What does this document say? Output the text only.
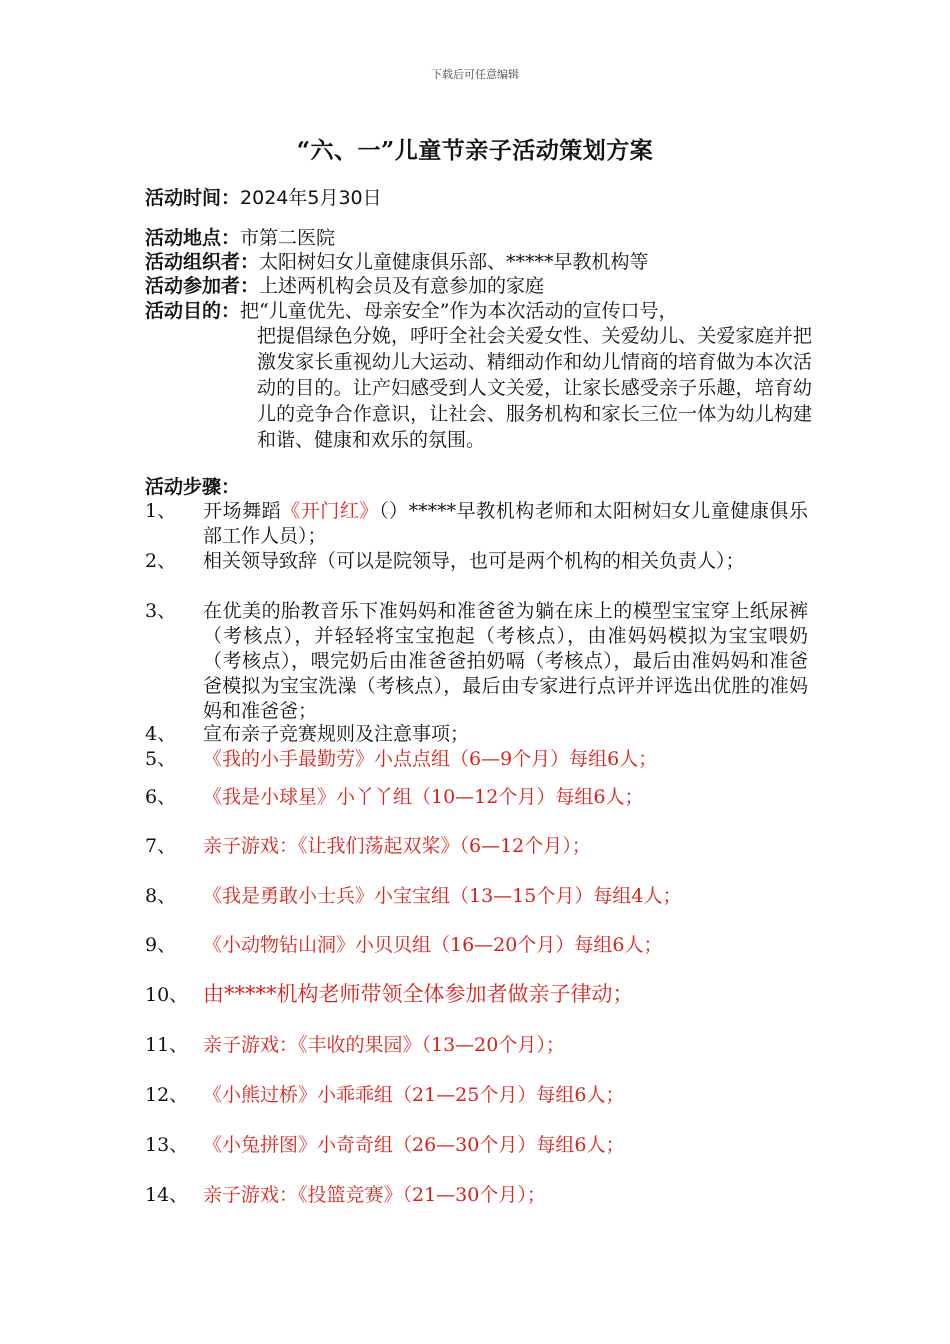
下载后可任意编辑
“六、一”儿童节亲子活动策划方案
活动时间：2024年5月30日
活动地点：市第二医院
活动组织者：太阳树妇女儿童健康俱乐部、*****早教机构等
活动参加者：上述两机构会员及有意参加的家庭
活动目的：把“儿童优先、母亲安全”作为本次活动的宣传口号，
把提倡绿色分娩，呼吁全社会关爱女性、关爱幼儿、关爱家庭并把激发家长重视幼儿大运动、精细动作和幼儿情商的培育做为本次活动的目的。让产妇感受到人文关爱，让家长感受亲子乐趣，培育幼儿的竞争合作意识，让社会、服务机构和家长三位一体为幼儿构建和谐、健康和欢乐的氛围。
活动步骤：
1、 开场舞蹈《开门红》（）*****早教机构老师和太阳树妇女儿童健康俱乐部工作人员）；
2、 相关领导致辞（可以是院领导，也可是两个机构的相关负责人）；
3、 在优美的胎教音乐下准妈妈和准爸爸为躺在床上的模型宝宝穿上纸尿裤（考核点），并轻轻将宝宝抱起（考核点），由准妈妈模拟为宝宝喂奶（考核点），喂完奶后由准爸爸拍奶嗝（考核点），最后由准妈妈和准爸爸模拟为宝宝洗澡（考核点），最后由专家进行点评并评选出优胜的准妈妈和准爸爸；
4、 宣布亲子竞赛规则及注意事项；
5、 《我的小手最勤劳》小点点组（6—9个月）每组6人；
6、 《我是小球星》小丫丫组（10—12个月）每组6人；
7、 亲子游戏：《让我们荡起双桨》（6—12个月）；
8、 《我是勇敢小士兵》小宝宝组（13—15个月）每组4人；
9、 《小动物钻山洞》小贝贝组（16—20个月）每组6人；
10、 由*****机构老师带领全体参加者做亲子律动；
11、 亲子游戏：《丰收的果园》（13—20个月）；
12、 《小熊过桥》小乖乖组（21—25个月）每组6人；
13、 《小兔拼图》小奇奇组（26—30个月）每组6人；
14、 亲子游戏：《投篮竞赛》（21—30个月）；
